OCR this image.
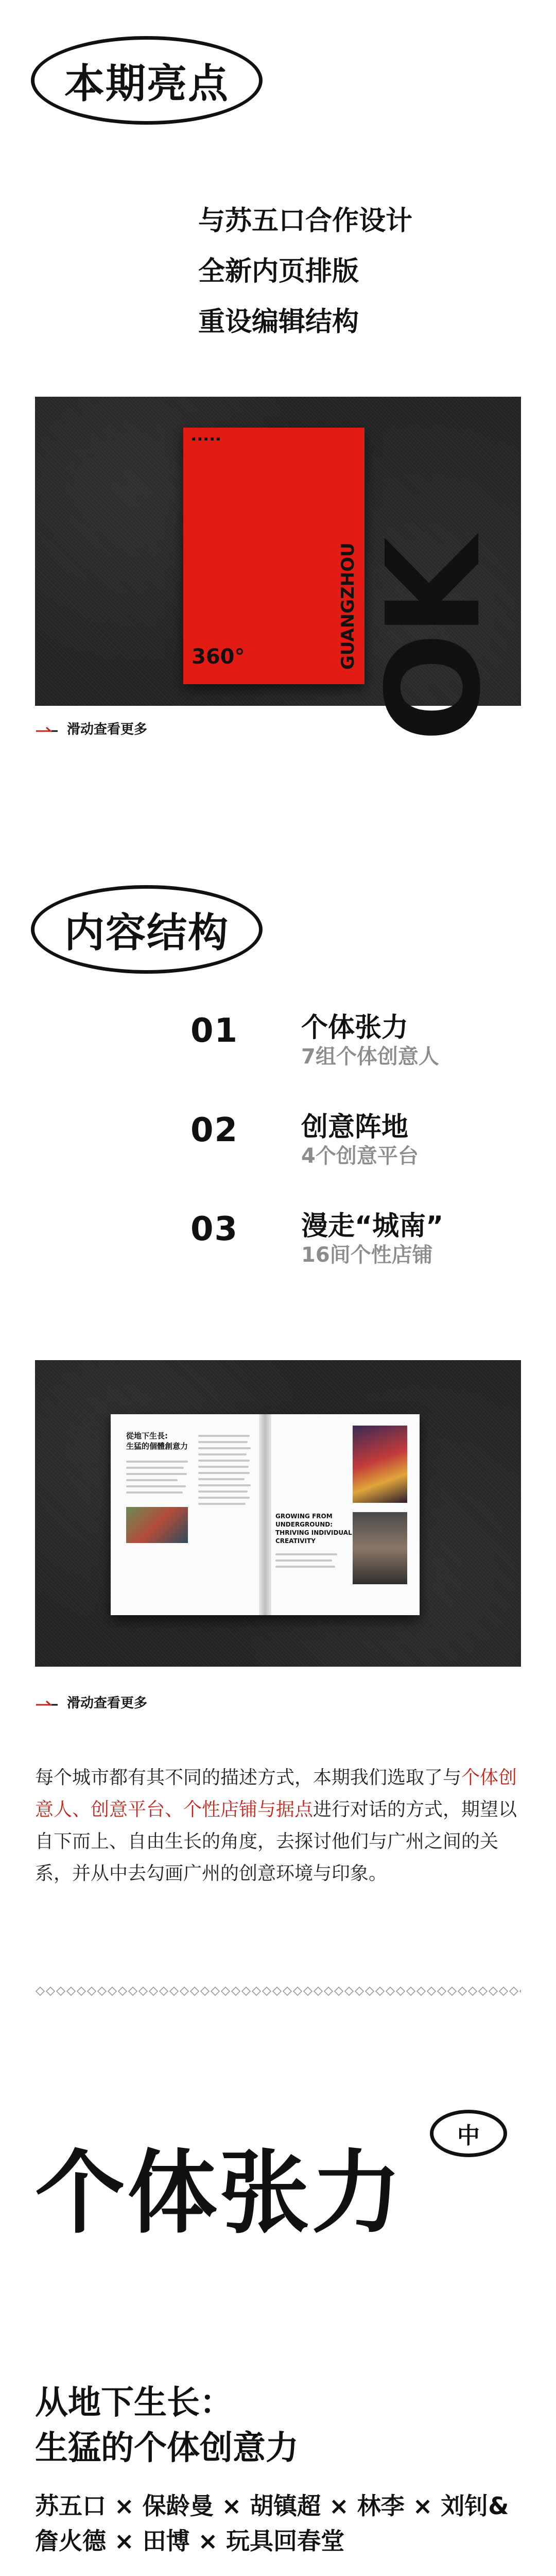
本期亮点
与苏五口合作设计
全新内页排版
重设编辑结构
▪ ▪ ▪ ▪ ▪
OK
GUANGZHOU
360°
滑动查看更多
内容结构
01	个体张力
7组个体创意人
02	创意阵地
4个创意平台
03	漫走“城南”
16间个性店铺
從地下生長:
生猛的個體創意力
GROWING FROM UNDERGROUND: THRIVING INDIVIDUAL CREATIVITY
滑动查看更多
每个城市都有其不同的描述方式，本期我们选取了与个体创意人、创意平台、个性店铺与据点进行对话的方式，期望以自下而上、自由生长的角度，去探讨他们与广州之间的关系，并从中去勾画广州的创意环境与印象。
中
个体张力
从地下生长：
生猛的个体创意力
苏五口 × 保龄曼 × 胡镇超 × 林李 × 刘钊&詹火德 × 田博 × 玩具回春堂
